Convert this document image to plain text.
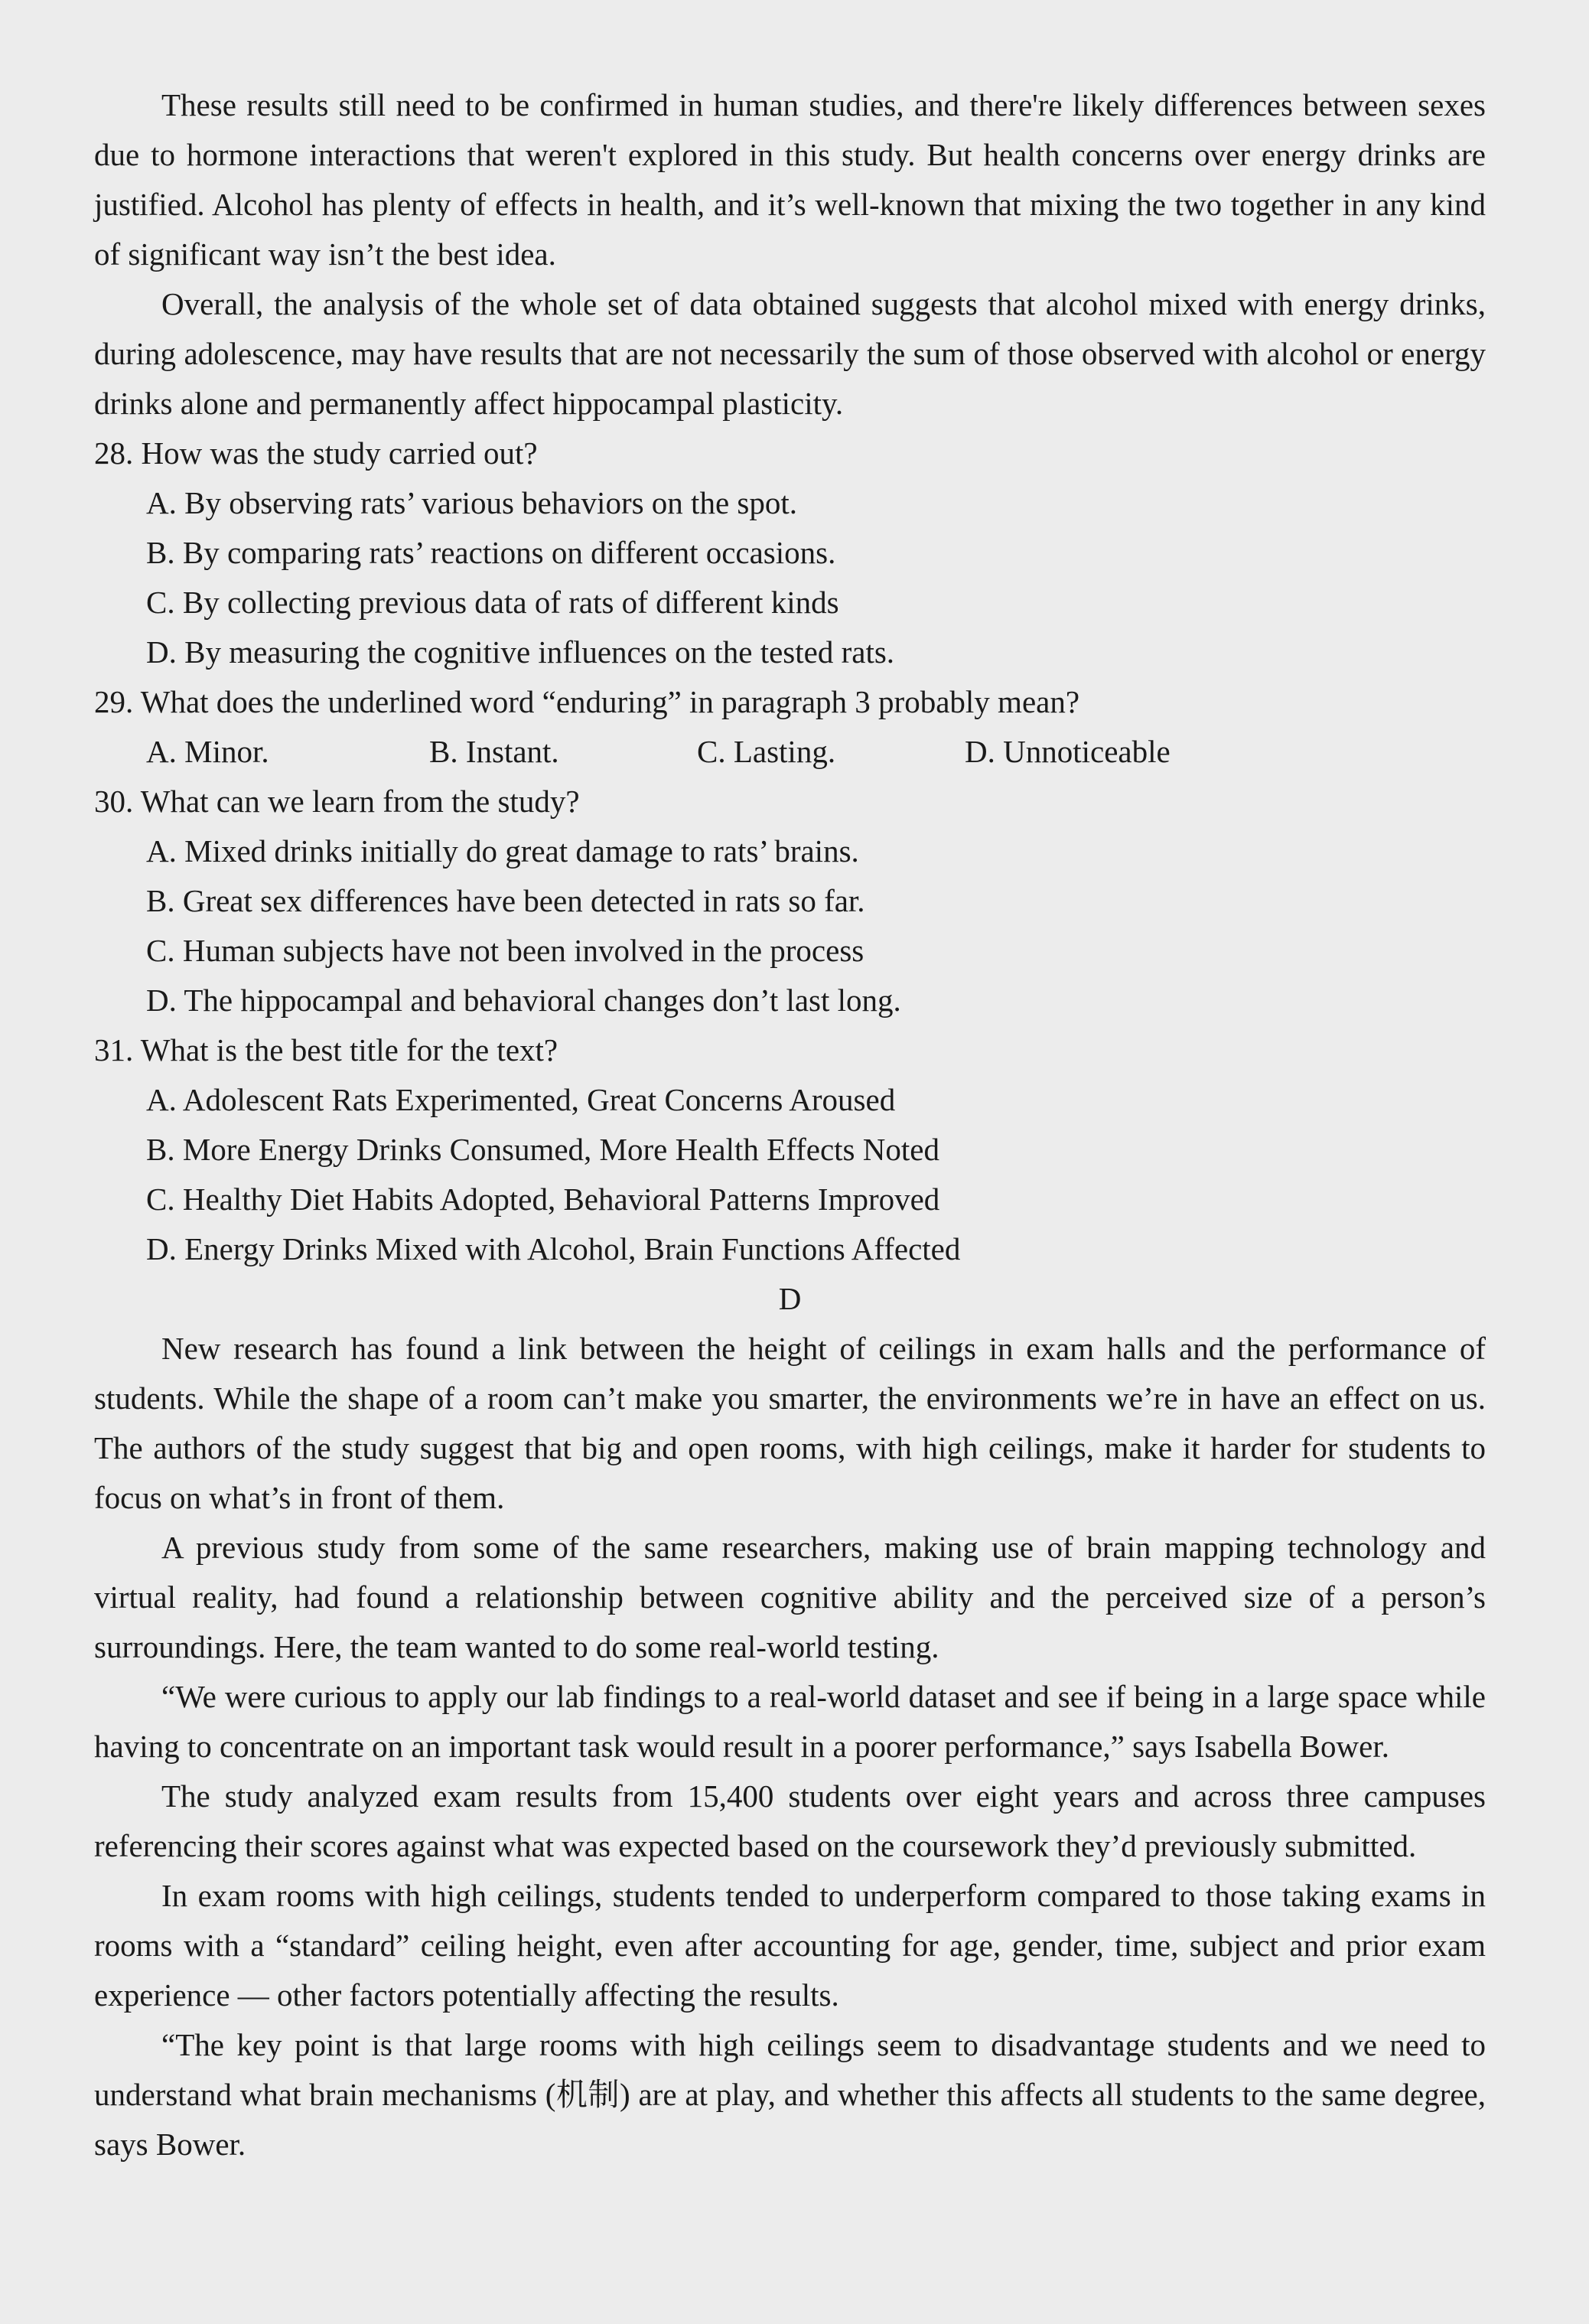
These results still need to be confirmed in human studies, and there're likely differences between sexes due to hormone interactions that weren't explored in this study. But health concerns over energy drinks are justified. Alcohol has plenty of effects in health, and it’s well-known that mixing the two together in any kind of significant way isn’t the best idea.

Overall, the analysis of the whole set of data obtained suggests that alcohol mixed with energy drinks, during adolescence, may have results that are not necessarily the sum of those observed with alcohol or energy drinks alone and permanently affect hippocampal plasticity.

28. How was the study carried out?

A. By observing rats’ various behaviors on the spot.

B. By comparing rats’ reactions on different occasions.

C. By collecting previous data of rats of different kinds

D. By measuring the cognitive influences on the tested rats.

29. What does the underlined word “enduring” in paragraph 3 probably mean?

A. Minor.	B. Instant.	C. Lasting.	D. Unnoticeable

30. What can we learn from the study?

A. Mixed drinks initially do great damage to rats’ brains.

B. Great sex differences have been detected in rats so far.

C. Human subjects have not been involved in the process

D. The hippocampal and behavioral changes don’t last long.

31. What is the best title for the text?

A. Adolescent Rats Experimented, Great Concerns Aroused

B. More Energy Drinks Consumed, More Health Effects Noted

C. Healthy Diet Habits Adopted, Behavioral Patterns Improved

D. Energy Drinks Mixed with Alcohol, Brain Functions Affected

D

New research has found a link between the height of ceilings in exam halls and the performance of students. While the shape of a room can’t make you smarter, the environments we’re in have an effect on us. The authors of the study suggest that big and open rooms, with high ceilings, make it harder for students to focus on what’s in front of them.

A previous study from some of the same researchers, making use of brain mapping technology and virtual reality, had found a relationship between cognitive ability and the perceived size of a person’s surroundings. Here, the team wanted to do some real-world testing.

“We were curious to apply our lab findings to a real-world dataset and see if being in a large space while having to concentrate on an important task would result in a poorer performance,” says Isabella Bower.

The study analyzed exam results from 15,400 students over eight years and across three campuses referencing their scores against what was expected based on the coursework they’d previously submitted.

In exam rooms with high ceilings, students tended to underperform compared to those taking exams in rooms with a “standard” ceiling height, even after accounting for age, gender, time, subject and prior exam experience — other factors potentially affecting the results.

“The key point is that large rooms with high ceilings seem to disadvantage students and we need to understand what brain mechanisms (机制) are at play, and whether this affects all students to the same degree, says Bower.
